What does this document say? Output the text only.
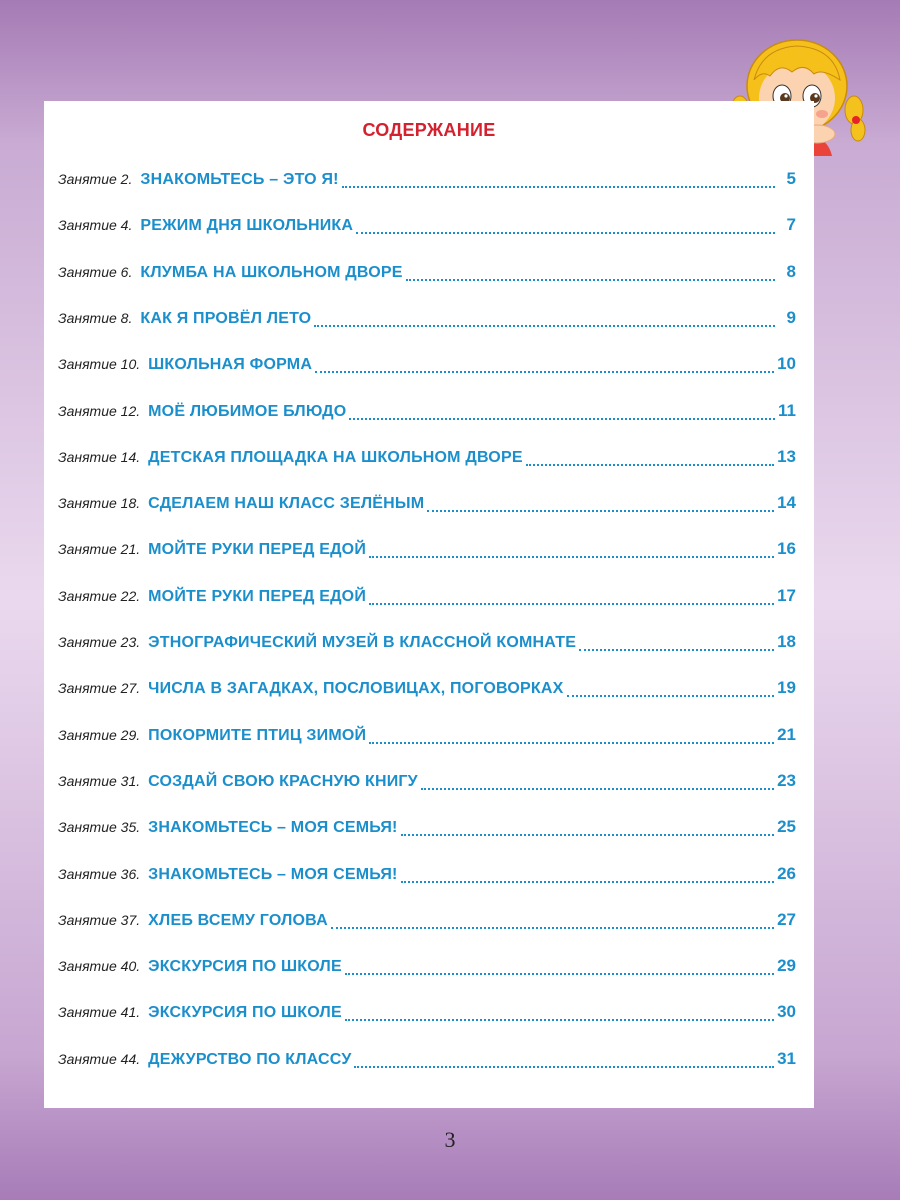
СОДЕРЖАНИЕ
Занятие 2. ЗНАКОМЬТЕСЬ – ЭТО Я!	5
Занятие 4. РЕЖИМ ДНЯ ШКОЛЬНИКА	7
Занятие 6. КЛУМБА НА ШКОЛЬНОМ ДВОРЕ	8
Занятие 8. КАК Я ПРОВЁЛ ЛЕТО	9
Занятие 10. ШКОЛЬНАЯ ФОРМА	10
Занятие 12. МОЁ ЛЮБИМОЕ БЛЮДО	11
Занятие 14. ДЕТСКАЯ ПЛОЩАДКА НА ШКОЛЬНОМ ДВОРЕ	13
Занятие 18. СДЕЛАЕМ НАШ КЛАСС ЗЕЛЁНЫМ	14
Занятие 21. МОЙТЕ РУКИ ПЕРЕД ЕДОЙ	16
Занятие 22. МОЙТЕ РУКИ ПЕРЕД ЕДОЙ	17
Занятие 23. ЭТНОГРАФИЧЕСКИЙ МУЗЕЙ В КЛАССНОЙ КОМНАТЕ	18
Занятие 27. ЧИСЛА В ЗАГАДКАХ, ПОСЛОВИЦАХ, ПОГОВОРКАХ	19
Занятие 29. ПОКОРМИТЕ ПТИЦ ЗИМОЙ	21
Занятие 31. СОЗДАЙ СВОЮ КРАСНУЮ КНИГУ	23
Занятие 35. ЗНАКОМЬТЕСЬ – МОЯ СЕМЬЯ!	25
Занятие 36. ЗНАКОМЬТЕСЬ – МОЯ СЕМЬЯ!	26
Занятие 37. ХЛЕБ ВСЕМУ ГОЛОВА	27
Занятие 40. ЭКСКУРСИЯ ПО ШКОЛЕ	29
Занятие 41. ЭКСКУРСИЯ ПО ШКОЛЕ	30
Занятие 44. ДЕЖУРСТВО ПО КЛАССУ	31
3
